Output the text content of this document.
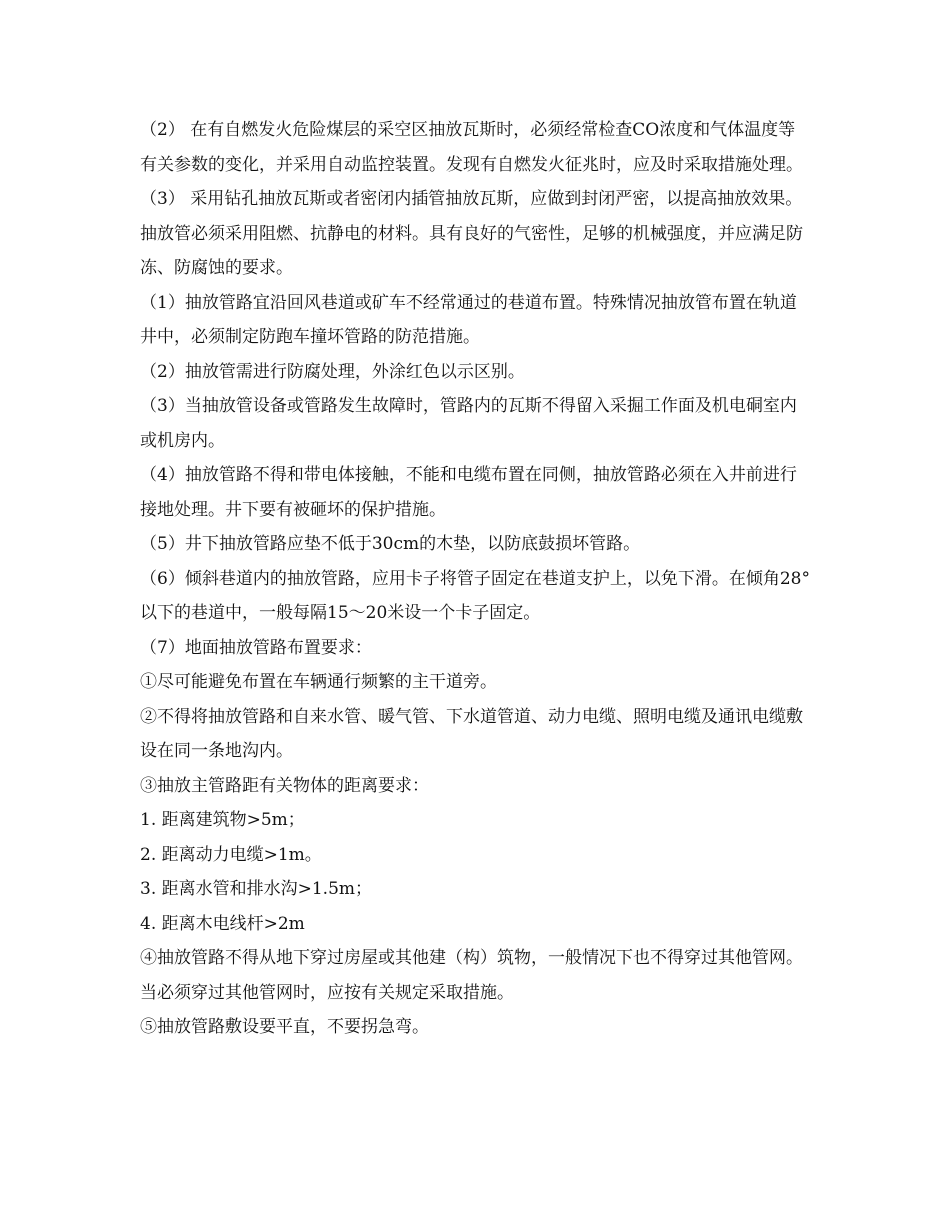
（2） 在有自燃发火危险煤层的采空区抽放瓦斯时，必须经常检查CO浓度和气体温度等有关参数的变化，并采用自动监控装置。发现有自燃发火征兆时，应及时采取措施处理。

（3） 采用钻孔抽放瓦斯或者密闭内插管抽放瓦斯，应做到封闭严密，以提高抽放效果。

抽放管必须采用阻燃、抗静电的材料。具有良好的气密性，足够的机械强度，并应满足防冻、防腐蚀的要求。

（1）抽放管路宜沿回风巷道或矿车不经常通过的巷道布置。特殊情况抽放管布置在轨道井中，必须制定防跑车撞坏管路的防范措施。

（2）抽放管需进行防腐处理，外涂红色以示区别。

（3）当抽放管设备或管路发生故障时，管路内的瓦斯不得留入采掘工作面及机电硐室内或机房内。

（4）抽放管路不得和带电体接触，不能和电缆布置在同侧，抽放管路必须在入井前进行接地处理。井下要有被砸坏的保护措施。

（5）井下抽放管路应垫不低于30cm的木垫，以防底鼓损坏管路。

（6）倾斜巷道内的抽放管路，应用卡子将管子固定在巷道支护上，以免下滑。在倾角28° 以下的巷道中，一般每隔15～20米设一个卡子固定。

（7）地面抽放管路布置要求：

①尽可能避免布置在车辆通行频繁的主干道旁。

②不得将抽放管路和自来水管、暖气管、下水道管道、动力电缆、照明电缆及通讯电缆敷设在同一条地沟内。

③抽放主管路距有关物体的距离要求：

1. 距离建筑物>5m；

2. 距离动力电缆>1m。

3. 距离水管和排水沟>1.5m；

4. 距离木电线杆>2m

④抽放管路不得从地下穿过房屋或其他建（构）筑物，一般情况下也不得穿过其他管网。当必须穿过其他管网时，应按有关规定采取措施。

⑤抽放管路敷设要平直，不要拐急弯。
